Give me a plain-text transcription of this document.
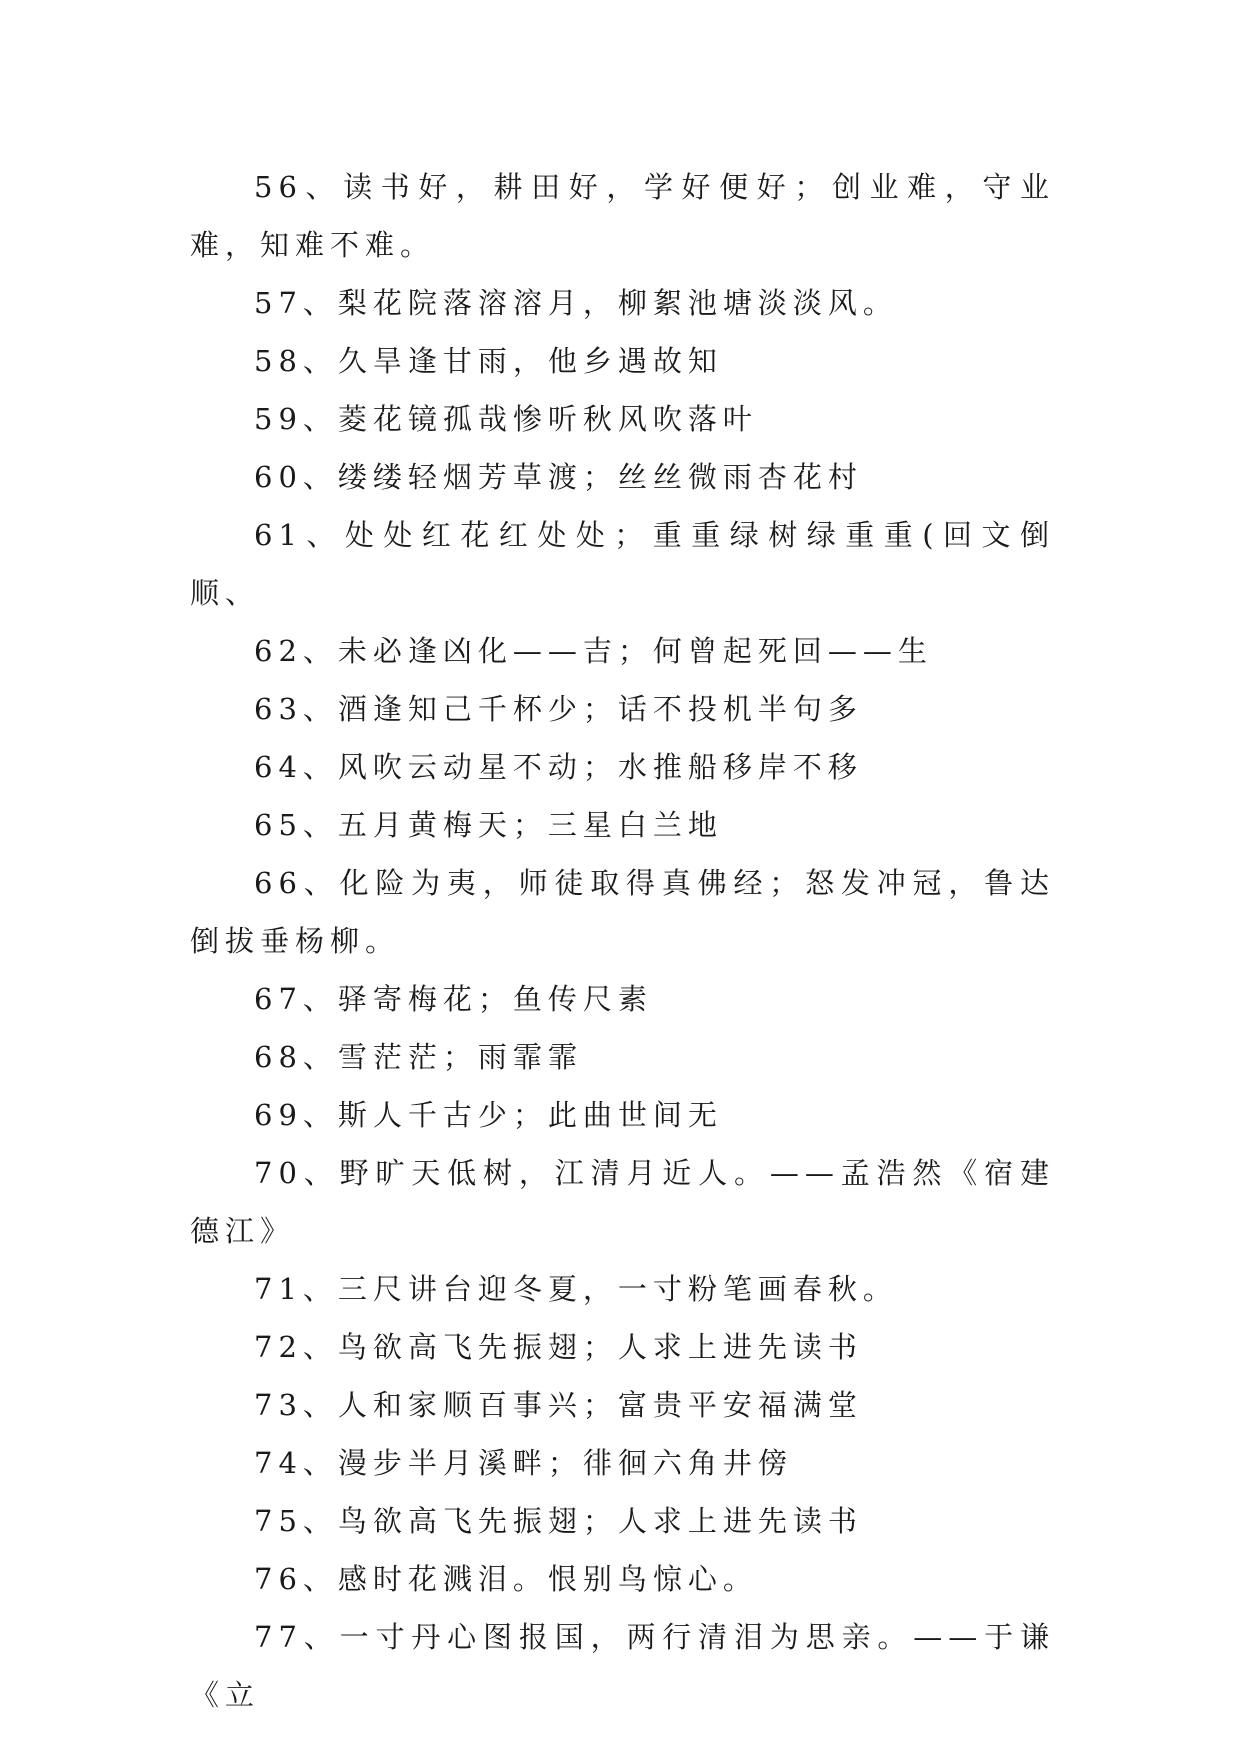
56、读书好，耕田好，学好便好；创业难，守业难，知难不难。

57、梨花院落溶溶月，柳絮池塘淡淡风。

58、久旱逢甘雨，他乡遇故知

59、菱花镜孤哉惨听秋风吹落叶

60、缕缕轻烟芳草渡；丝丝微雨杏花村

61、处处红花红处处；重重绿树绿重重(回文倒顺、

62、未必逢凶化——吉；何曾起死回——生

63、酒逢知己千杯少；话不投机半句多

64、风吹云动星不动；水推船移岸不移

65、五月黄梅天；三星白兰地

66、化险为夷，师徒取得真佛经；怒发冲冠，鲁达倒拔垂杨柳。

67、驿寄梅花；鱼传尺素

68、雪茫茫；雨霏霏

69、斯人千古少；此曲世间无

70、野旷天低树，江清月近人。——孟浩然《宿建德江》

71、三尺讲台迎冬夏，一寸粉笔画春秋。

72、鸟欲高飞先振翅；人求上进先读书

73、人和家顺百事兴；富贵平安福满堂

74、漫步半月溪畔；徘徊六角井傍

75、鸟欲高飞先振翅；人求上进先读书

76、感时花溅泪。恨别鸟惊心。

77、一寸丹心图报国，两行清泪为思亲。——于谦《立
